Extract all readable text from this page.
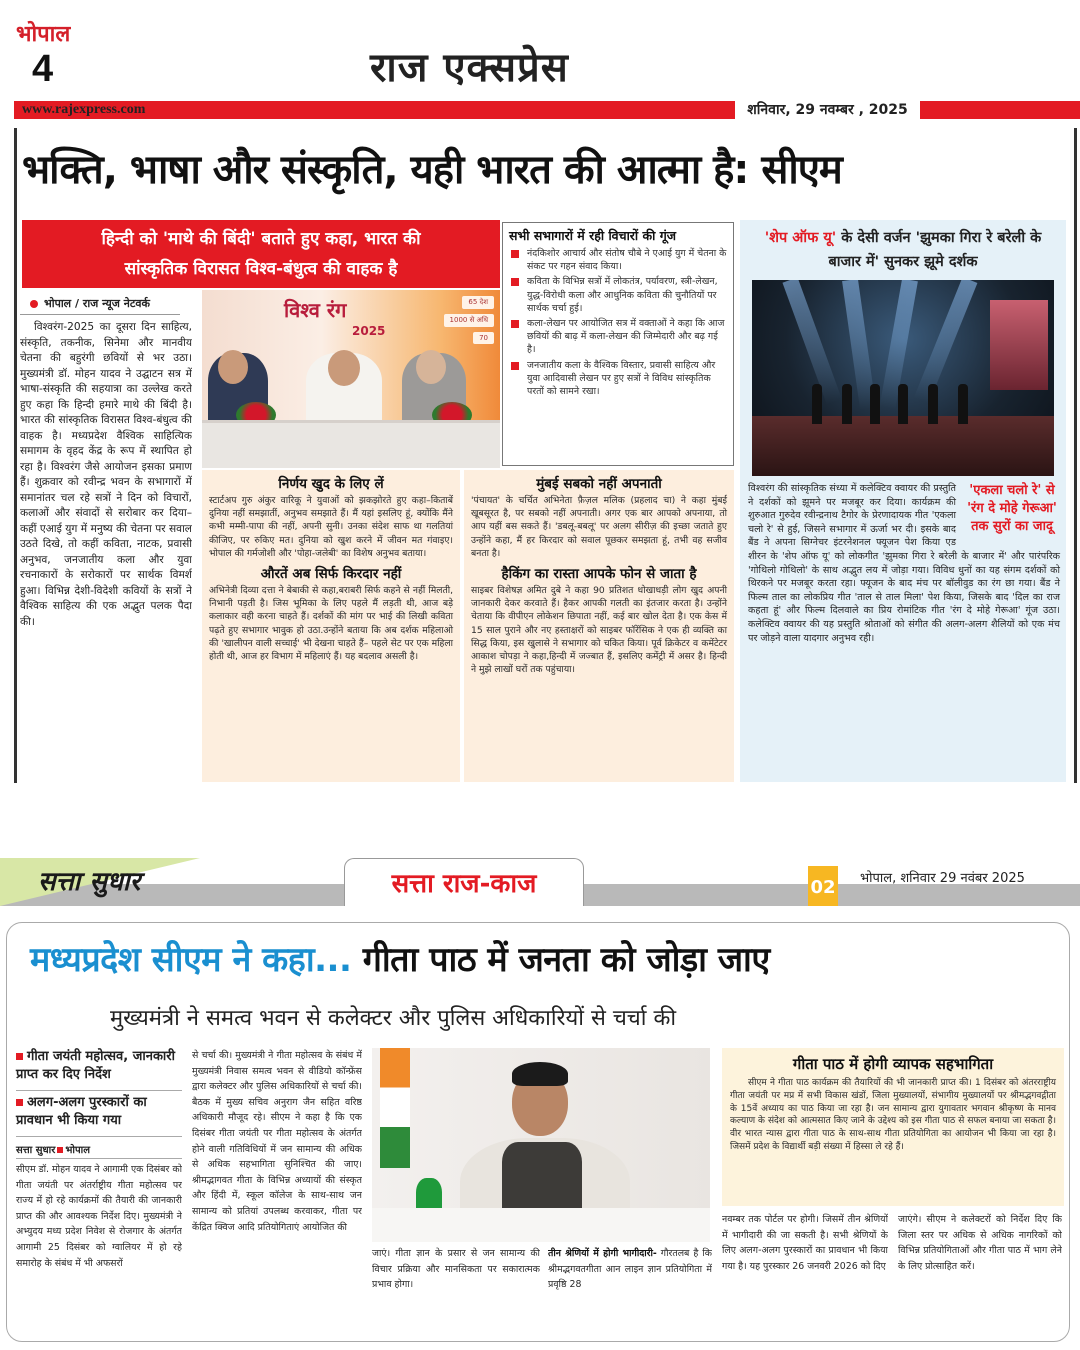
भोपाल
4	राज एक्सप्रेस
www.rajexpress.com	शनिवार, 29 नवम्बर , 2025
भक्ति, भाषा और संस्कृति, यही भारत की आत्मा है: सीएम
हिन्दी को 'माथे की बिंदी' बताते हुए कहा, भारत की
सांस्कृतिक विरासत विश्व-बंधुत्व की वाहक है
भोपाल / राज न्यूज नेटवर्क

विश्वरंग-2025 का दूसरा दिन साहित्य, संस्कृति, तकनीक, सिनेमा और मानवीय चेतना की बहुरंगी छवियों से भर उठा। मुख्यमंत्री डॉ. मोहन यादव ने उद्घाटन सत्र में भाषा-संस्कृति की सहयात्रा का उल्लेख करते हुए कहा कि हिन्दी हमारे माथे की बिंदी है। भारत की सांस्कृतिक विरासत विश्व-बंधुत्व की वाहक है। मध्यप्रदेश वैश्विक साहित्यिक समागम के वृहद केंद्र के रूप में स्थापित हो रहा है। विश्वरंग जैसे आयोजन इसका प्रमाण हैं। शुक्रवार को रवीन्द्र भवन के सभागारों में समानांतर चल रहे सत्रों ने दिन को विचारों, कलाओं और संवादों से सरोबार कर दिया– कहीं एआई युग में मनुष्य की चेतना पर सवाल उठते दिखे, तो कहीं कविता, नाटक, प्रवासी अनुभव, जनजातीय कला और युवा रचनाकारों के सरोकारों पर सार्थक विमर्श हुआ। विभिन्न देशी-विदेशी कवियों के सत्रों ने वैश्विक साहित्य की एक अद्भुत पलक पैदा की।

विश्व रंग
2025
65 देश
1000 से अधि
70
सभी सभागारों में रही विचारों की गूंज
नंदकिशोर आचार्य और संतोष चौबे ने एआई युग में चेतना के संकट पर गहन संवाद किया।
कविता के विभिन्न सत्रों में लोकतंत्र, पर्यावरण, स्त्री-लेखन, युद्ध-विरोधी कला और आधुनिक कविता की चुनौतियों पर सार्थक चर्चा हुई।
कला-लेखन पर आयोजित सत्र में वक्ताओं ने कहा कि आज छवियों की बाढ़ में कला-लेखन की जिम्मेदारी और बढ़ गई है।
जनजातीय कला के वैश्विक विस्तार, प्रवासी साहित्य और युवा आदिवासी लेखन पर हुए सत्रों ने विविध सांस्कृतिक परतों को सामने रखा।
निर्णय खुद के लिए लें

स्टार्टअप गुरु अंकुर वारिकू ने युवाओं को झकझोरते हुए कहा–किताबें दुनिया नहीं समझातीं, अनुभव समझाते हैं। मैं यहां इसलिए हूं, क्योंकि मैंने कभी मम्मी-पापा की नहीं, अपनी सुनी। उनका संदेश साफ था गलतियां कीजिए, पर रुकिए मत। दुनिया को खुश करने में जीवन मत गंवाइए। भोपाल की गर्मजोशी और 'पोहा-जलेबी' का विशेष अनुभव बताया।

औरतें अब सिर्फ किरदार नहीं

अभिनेत्री दिव्या दत्ता ने बेबाकी से कहा,बराबरी सिर्फ कहने से नहीं मिलती, निभानी पड़ती है। जिस भूमिका के लिए पहले मैं लड़ती थी, आज बड़े कलाकार वही करना चाहते हैं। दर्शकों की मांग पर भाई की लिखी कविता पढ़ते हुए सभागार भावुक हो उठा.उन्होंने बताया कि अब दर्शक महिलाओ की 'खालीपन वाली सच्चाई' भी देखना चाहते हैं– पहले सेट पर एक महिला होती थी, आज हर विभाग में महिलाएं हैं। यह बदलाव असली है।

मुंबई सबको नहीं अपनाती

'पंचायत' के चर्चित अभिनेता फ़ैज़ल मलिक (प्रहलाद चा) ने कहा मुंबई खूबसूरत है, पर सबको नहीं अपनाती। अगर एक बार आपको अपनाया, तो आप यहीं बस सकते हैं। 'डबलू-बबलू' पर अलग सीरीज़ की इच्छा जताते हुए उन्होंने कहा, मैं हर किरदार को सवाल पूछकर समझता हूं, तभी वह सजीव बनता है।

हैकिंग का रास्ता आपके फोन से जाता है

साइबर विशेषज्ञ अमित दुबे ने कहा 90 प्रतिशत धोखाधड़ी लोग खुद अपनी जानकारी देकर करवाते हैं। हैकर आपकी गलती का इंतजार करता है। उन्होंने चेताया कि वीपीएन लोकेशन छिपाता नहीं, कई बार खोल देता है। एक केस में 15 साल पुराने और नए हस्ताक्षरों को साइबर फॉरेंसिक ने एक ही व्यक्ति का सिद्ध किया, इस खुलासे ने सभागार को चकित किया। पूर्व क्रिकेटर व कमेंटेटर आकाश चोपड़ा ने कहा,हिन्दी में जज्बात हैं, इसलिए कमेंट्री में असर है। हिन्दी ने मुझे लाखों घरों तक पहुंचाया।

'शेप ऑफ यू' के देसी वर्जन 'झुमका गिरा रे बरेली के बाजार में' सुनकर झूमे दर्शक
'एकला चलो रे' से 'रंग दे मोहे गेरूआ' तक सुरों का जादू
विश्वरंग की सांस्कृतिक संध्या में कलेक्टिव क्वायर की प्रस्तुति ने दर्शकों को झूमने पर मजबूर कर दिया। कार्यक्रम की शुरुआत गुरुदेव रवीन्द्रनाथ टैगोर के प्रेरणादायक गीत 'एकला चलो रे' से हुई, जिसने सभागार में ऊर्जा भर दी। इसके बाद बैंड ने अपना सिग्नेचर इंटरनेशनल फ्यूजन पेश किया एड शीरन के 'शेप ऑफ यू' को लोकगीत 'झुमका गिरा रे बरेली के बाजार में' और पारंपरिक 'गोथिलो गोथिलो' के साथ अद्भुत लय में जोड़ा गया। विविध धुनों का यह संगम दर्शकों को थिरकने पर मजबूर करता रहा। फ्यूजन के बाद मंच पर बॉलीवुड का रंग छा गया। बैंड ने फिल्म ताल का लोकप्रिय गीत 'ताल से ताल मिला' पेश किया, जिसके बाद 'दिल का राज कहता हूं' और फिल्म दिलवाले का प्रिय रोमांटिक गीत 'रंग दे मोहे गेरूआ' गूंज उठा। कलेक्टिव क्वायर की यह प्रस्तुति श्रोताओं को संगीत की अलग-अलग शैलियों को एक मंच पर जोड़ने वाला यादगार अनुभव रही।
सत्ता सुधार	सत्ता राज-काज	02 भोपाल, शनिवार 29 नवंबर 2025
मध्यप्रदेश सीएम ने कहा... गीता पाठ में जनता को जोड़ा जाए
मुख्यमंत्री ने समत्व भवन से कलेक्टर और पुलिस अधिकारियों से चर्चा की
गीता जयंती महोत्सव, जानकारी प्राप्त कर दिए निर्देश
अलग-अलग पुरस्कारों का प्रावधान भी किया गया
सत्ता सुधार भोपाल

सीएम डॉ. मोहन यादव ने आगामी एक दिसंबर को गीता जयंती पर अंतर्राष्ट्रीय गीता महोत्सव पर राज्य में हो रहे कार्यक्रमों की तैयारी की जानकारी प्राप्त की और आवश्यक निर्देश दिए। मुख्यमंत्री ने अभ्युदय मध्य प्रदेश निवेश से रोजगार के अंतर्गत आगामी 25 दिसंबर को ग्वालियर में हो रहे समारोह के संबंध में भी अफसरों

से चर्चा की। मुख्यमंत्री ने गीता महोत्सव के संबंध में मुख्यमंत्री निवास समत्व भवन से वीडियो कॉन्फ्रेंस द्वारा कलेक्टर और पुलिस अधिकारियों से चर्चा की। बैठक में मुख्य सचिव अनुराग जैन सहित वरिष्ठ अधिकारी मौजूद रहे। सीएम ने कहा है कि एक दिसंबर गीता जयंती पर गीता महोत्सव के अंतर्गत होने वाली गतिविधियों में जन सामान्य की अधिक से अधिक सहभागिता सुनिश्चित की जाए। श्रीमद्भागवत गीता के विभिन्न अध्यायों की संस्कृत और हिंदी में, स्कूल कॉलेज के साथ-साथ जन सामान्य को प्रतियां उपलब्ध करवाकर, गीता पर केंद्रित क्विज आदि प्रतियोगिताएं आयोजित की

जाएं। गीता ज्ञान के प्रसार से जन सामान्य की विचार प्रक्रिया और मानसिकता पर सकारात्मक प्रभाव होगा।

तीन श्रेणियों में होगी भागीदारी- गौरतलब है कि श्रीमद्भगवतगीता आन लाइन ज्ञान प्रतियोगिता में प्रवृष्ठि 28

गीता पाठ में होगी व्यापक सहभागिता

सीएम ने गीता पाठ कार्यक्रम की तैयारियों की भी जानकारी प्राप्त की। 1 दिसंबर को अंतरराष्ट्रीय गीता जयंती पर मप्र में सभी विकास खंडों, जिला मुख्यालयों, संभागीय मुख्यालयों पर श्रीमद्भगवद्गीता के 15वें अध्याय का पाठ किया जा रहा है। जन सामान्य द्वारा युगावतार भगवान श्रीकृष्ण के मानव कल्याण के संदेश को आत्मसात किए जाने के उद्देश्य को इस गीता पाठ से सफल बनाया जा सकता है। वीर भारत न्यास द्वारा गीता पाठ के साथ-साथ गीता प्रतियोगिता का आयोजन भी किया जा रहा है। जिसमें प्रदेश के विद्यार्थी बड़ी संख्या में हिस्सा ले रहे हैं।

नवम्बर तक पोर्टल पर होगी। जिसमें तीन श्रेणियों में भागीदारी की जा सकती है। सभी श्रेणियों के लिए अलग-अलग पुरस्कारों का प्रावधान भी किया गया है। यह पुरस्कार 26 जनवरी 2026 को दिए

जाएंगे। सीएम ने कलेक्टरों को निर्देश दिए कि जिला स्तर पर अधिक से अधिक नागरिकों को विभिन्न प्रतियोगिताओं और गीता पाठ में भाग लेने के लिए प्रोत्साहित करें।
